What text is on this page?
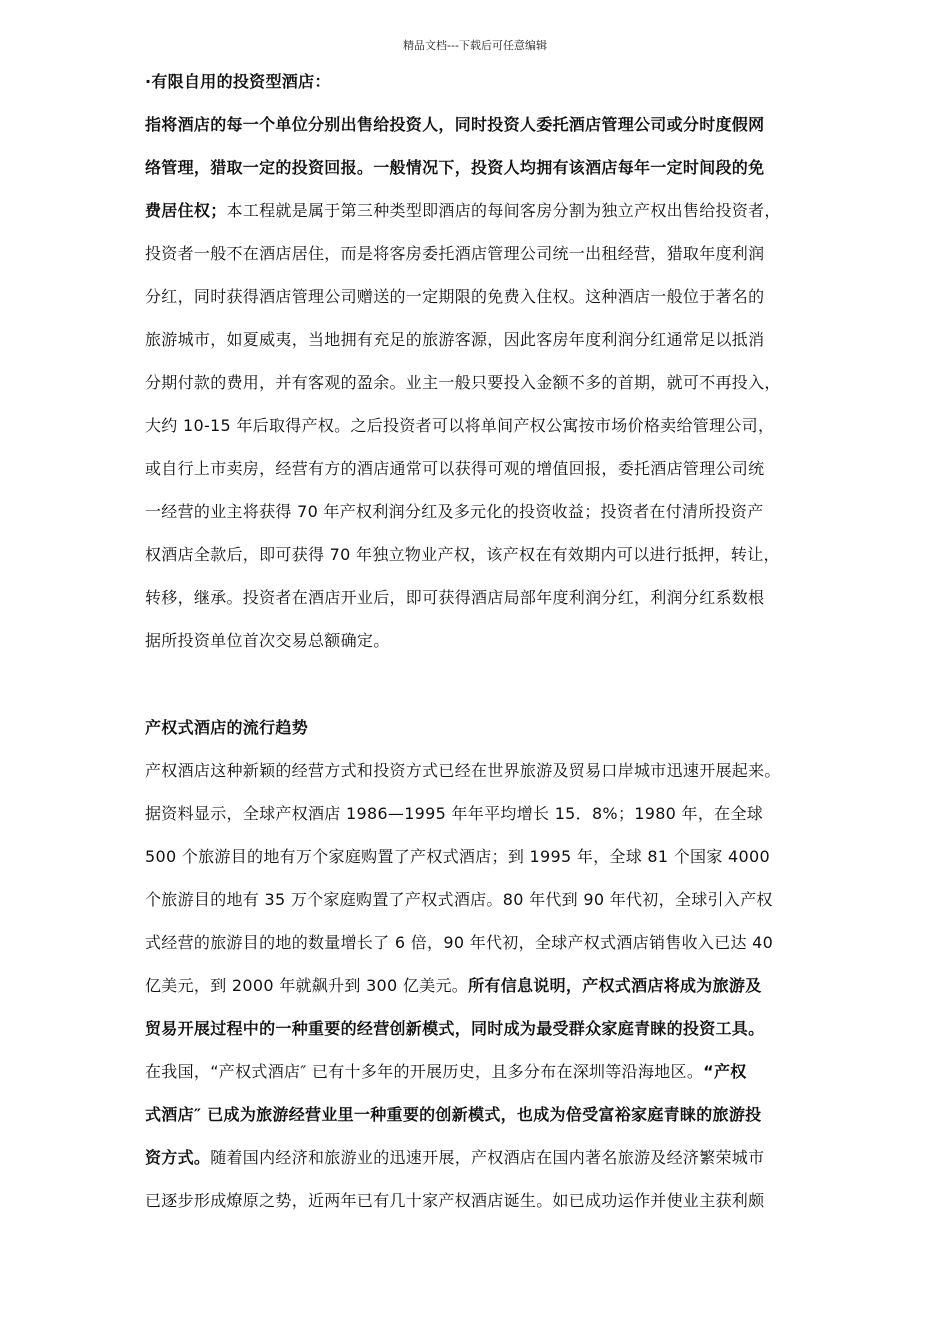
精品文档---下载后可任意编辑
·有限自用的投资型酒店：
指将酒店的每一个单位分别出售给投资人，同时投资人委托酒店管理公司或分时度假网
络管理，猎取一定的投资回报。一般情况下，投资人均拥有该酒店每年一定时间段的免
费居住权；本工程就是属于第三种类型即酒店的每间客房分割为独立产权出售给投资者，
投资者一般不在酒店居住，而是将客房委托酒店管理公司统一出租经营，猎取年度利润
分红，同时获得酒店管理公司赠送的一定期限的免费入住权。这种酒店一般位于著名的
旅游城市，如夏威夷，当地拥有充足的旅游客源，因此客房年度利润分红通常足以抵消
分期付款的费用，并有客观的盈余。业主一般只要投入金额不多的首期，就可不再投入，
大约 10-15 年后取得产权。之后投资者可以将单间产权公寓按市场价格卖给管理公司，
或自行上市卖房，经营有方的酒店通常可以获得可观的增值回报，委托酒店管理公司统
一经营的业主将获得 70 年产权利润分红及多元化的投资收益；投资者在付清所投资产
权酒店全款后，即可获得 70 年独立物业产权，该产权在有效期内可以进行抵押，转让，
转移，继承。投资者在酒店开业后，即可获得酒店局部年度利润分红，利润分红系数根
据所投资单位首次交易总额确定。
产权式酒店的流行趋势
产权酒店这种新颖的经营方式和投资方式已经在世界旅游及贸易口岸城市迅速开展起来。
据资料显示，全球产权酒店 1986—1995 年年平均增长 15．8%；1980 年，在全球
500 个旅游目的地有万个家庭购置了产权式酒店；到 1995 年，全球 81 个国家 4000
个旅游目的地有 35 万个家庭购置了产权式酒店。80 年代到 90 年代初，全球引入产权
式经营的旅游目的地的数量增长了 6 倍，90 年代初，全球产权式酒店销售收入已达 40
亿美元，到 2000 年就飙升到 300 亿美元。所有信息说明，产权式酒店将成为旅游及
贸易开展过程中的一种重要的经营创新模式，同时成为最受群众家庭青睐的投资工具。
在我国，“产权式酒店″ 已有十多年的开展历史，且多分布在深圳等沿海地区。“产权
式酒店″ 已成为旅游经营业里一种重要的创新模式，也成为倍受富裕家庭青睐的旅游投
资方式。随着国内经济和旅游业的迅速开展，产权酒店在国内著名旅游及经济繁荣城市
已逐步形成燎原之势，近两年已有几十家产权酒店诞生。如已成功运作并使业主获利颇
